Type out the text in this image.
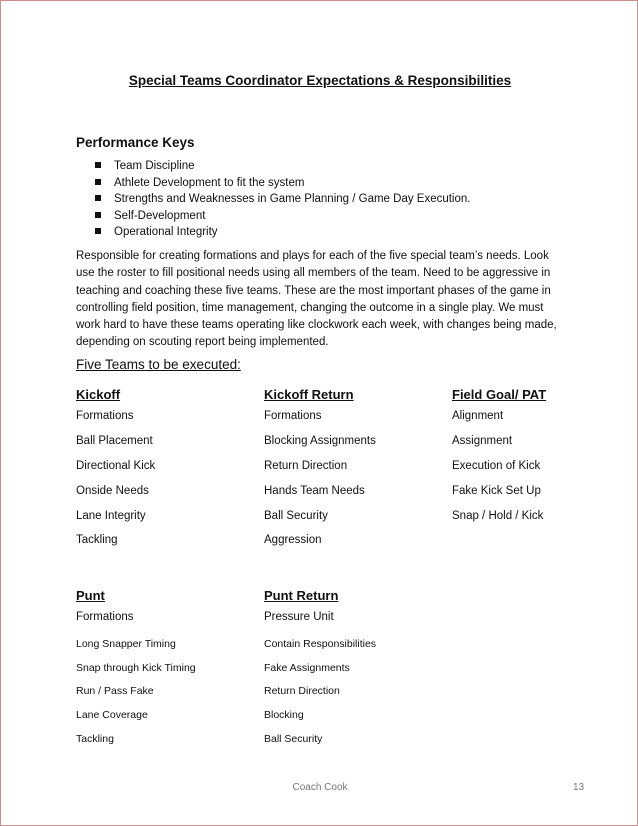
Special Teams Coordinator Expectations & Responsibilities
Performance Keys
Team Discipline
Athlete Development to fit the system
Strengths and Weaknesses in Game Planning / Game Day Execution.
Self-Development
Operational Integrity
Responsible for creating formations and plays for each of the five special team’s needs. Look use the roster to fill positional needs using all members of the team. Need to be aggressive in teaching and coaching these five teams. These are the most important phases of the game in controlling field position, time management, changing the outcome in a single play. We must work hard to have these teams operating like clockwork each week, with changes being made, depending on scouting report being implemented.
Five Teams to be executed:
Kickoff
Formations
Ball Placement
Directional Kick
Onside Needs
Lane Integrity
Tackling
Kickoff Return
Formations
Blocking Assignments
Return Direction
Hands Team Needs
Ball Security
Aggression
Field Goal/ PAT
Alignment
Assignment
Execution of Kick
Fake Kick Set Up
Snap / Hold / Kick
Punt
Formations
Long Snapper Timing
Snap through Kick Timing
Run / Pass Fake
Lane Coverage
Tackling
Punt Return
Pressure Unit
Contain Responsibilities
Fake Assignments
Return Direction
Blocking
Ball Security
Coach Cook	13
